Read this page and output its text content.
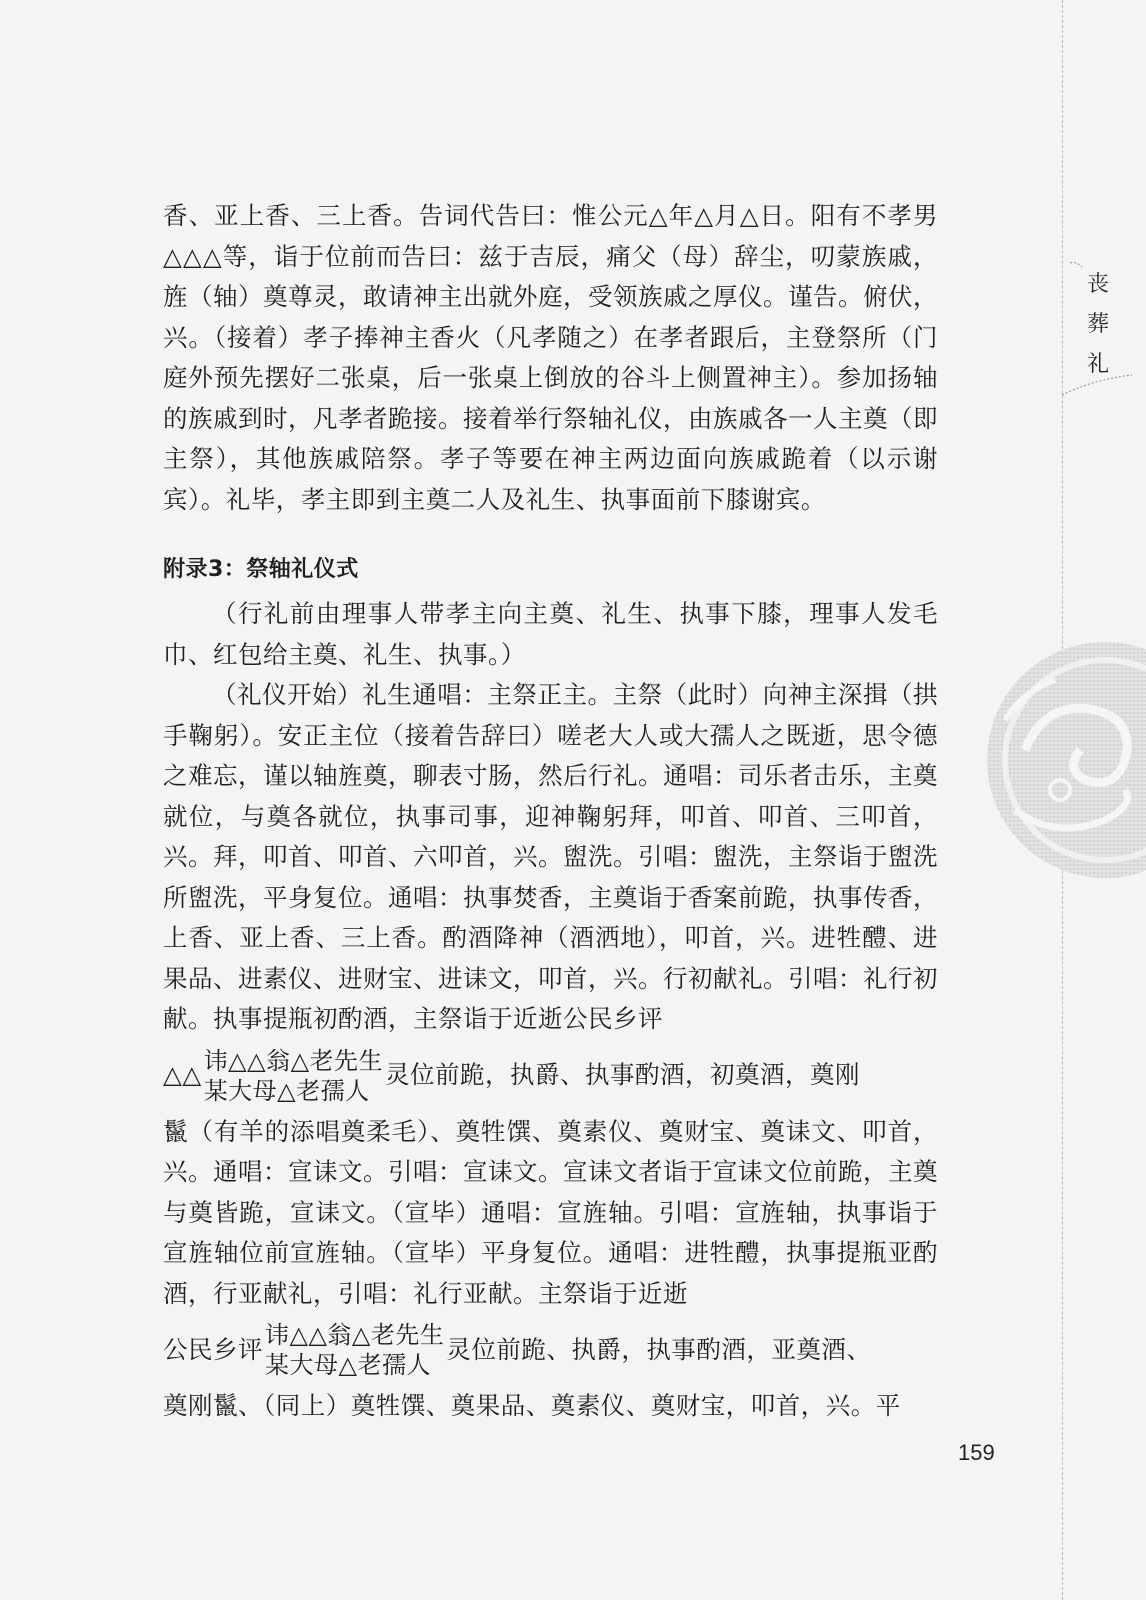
丧
葬
礼

香、亚上香、三上香。告词代告曰：惟公元△年△月△日。阳有不孝男△△△等，诣于位前而告曰：兹于吉辰，痛父（母）辞尘，叨蒙族戚，旌（轴）奠尊灵，敢请神主出就外庭，受领族戚之厚仪。谨告。俯伏，兴。（接着）孝子捧神主香火（凡孝随之）在孝者跟后，主登祭所（门庭外预先摆好二张桌，后一张桌上倒放的谷斗上侧置神主）。参加扬轴的族戚到时，凡孝者跪接。接着举行祭轴礼仪，由族戚各一人主奠（即主祭），其他族戚陪祭。孝子等要在神主两边面向族戚跪着（以示谢宾）。礼毕，孝主即到主奠二人及礼生、执事面前下膝谢宾。

附录3：祭轴礼仪式

（行礼前由理事人带孝主向主奠、礼生、执事下膝，理事人发毛巾、红包给主奠、礼生、执事。）

（礼仪开始）礼生通唱：主祭正主。主祭（此时）向神主深揖（拱手鞠躬）。安正主位（接着告辞曰）嗟老大人或大孺人之既逝，思令德之难忘，谨以轴旌奠，聊表寸肠，然后行礼。通唱：司乐者击乐，主奠就位，与奠各就位，执事司事，迎神鞠躬拜，叩首、叩首、三叩首，兴。拜，叩首、叩首、六叩首，兴。盥洗。引唱：盥洗，主祭诣于盥洗所盥洗，平身复位。通唱：执事焚香，主奠诣于香案前跪，执事传香，上香、亚上香、三上香。酌酒降神（酒洒地），叩首，兴。进牲醴、进果品、进素仪、进财宝、进诔文，叩首，兴。行初献礼。引唱：礼行初献。执事提瓶初酌酒，主祭诣于近逝公民乡评

△△ 讳△△翁△老先生
某大母△老孺人
灵位前跪，执爵、执事酌酒，初奠酒，奠刚

鬣（有羊的添唱奠柔毛）、奠牲馔、奠素仪、奠财宝、奠诔文、叩首，兴。通唱：宣诔文。引唱：宣诔文。宣诔文者诣于宣诔文位前跪，主奠与奠皆跪，宣诔文。（宣毕）通唱：宣旌轴。引唱：宣旌轴，执事诣于宣旌轴位前宣旌轴。（宣毕）平身复位。通唱：进牲醴，执事提瓶亚酌酒，行亚献礼，引唱：礼行亚献。主祭诣于近逝

公民乡评 讳△△翁△老先生
某大母△老孺人
灵位前跪、执爵，执事酌酒，亚奠酒、

奠刚鬣、（同上）奠牲馔、奠果品、奠素仪、奠财宝，叩首，兴。平

159
